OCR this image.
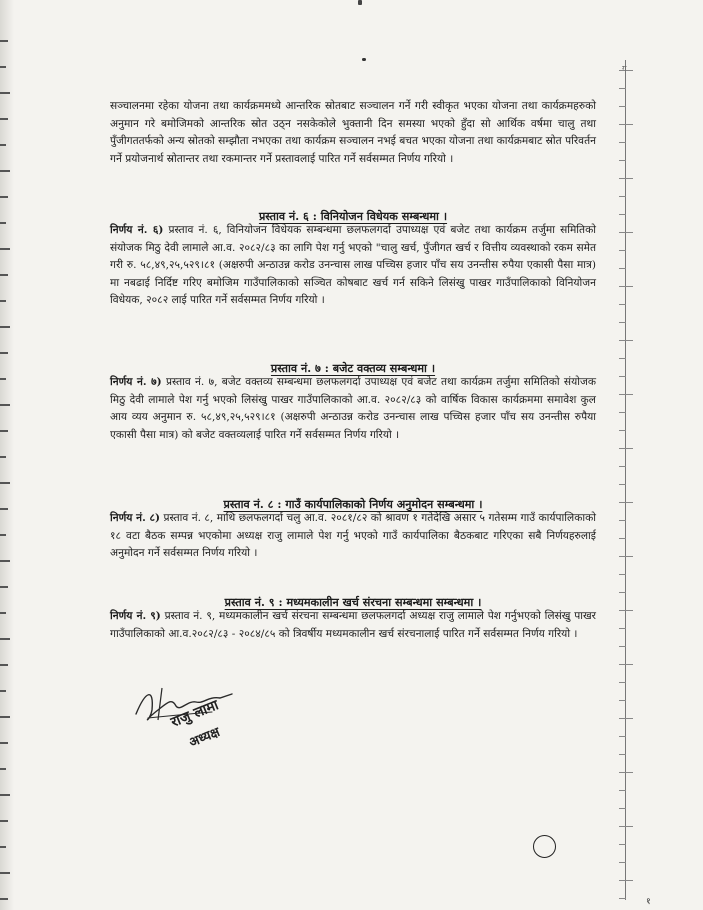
ग

सञ्चालनमा रहेका योजना तथा कार्यक्रममध्ये आन्तरिक स्रोतबाट सञ्चालन गर्ने गरी स्वीकृत भएका योजना तथा कार्यक्रमहरुको अनुमान गरे बमोजिमको आन्तरिक स्रोत उठ्न नसकेकोले भुक्तानी दिन समस्या भएको हुँदा सो आर्थिक वर्षमा चालु तथा पुँजीगततर्फको अन्य स्रोतको सम्झौता नभएका तथा कार्यक्रम सञ्चालन नभई बचत भएका योजना तथा कार्यक्रमबाट स्रोत परिवर्तन गर्ने प्रयोजनार्थ स्रोतान्तर तथा रकमान्तर गर्ने प्रस्तावलाई पारित गर्ने सर्वसम्मत निर्णय गरियो ।

प्रस्ताव नं. ६ : विनियोजन विधेयक सम्बन्धमा ।

निर्णय नं. ६) प्रस्ताव नं. ६, विनियोजन विधेयक सम्बन्धमा छलफलगर्दा उपाध्यक्ष एवं बजेट तथा कार्यक्रम तर्जुमा समितिको संयोजक मिठु देवी लामाले आ.व. २०८२/८३ का लागि पेश गर्नु भएको "चालु खर्च, पुँजीगत खर्च र वित्तीय व्यवस्थाको रकम समेत गरी रु. ५८,४९,२५,५२९।८१ (अक्षरुपी अन्ठाउन्न करोड उनन्चास लाख पच्चिस हजार पाँच सय उनन्तीस रुपैया एकासी पैसा मात्र) मा नबढाई निर्दिष्ट गरिए बमोजिम गाउँपालिकाको सञ्चित कोषबाट खर्च गर्न सकिने लिसंखु पाखर गाउँपालिकाको विनियोजन विधेयक, २०८२ लाई पारित गर्ने सर्वसम्मत निर्णय गरियो ।

प्रस्ताव नं. ७ : बजेट वक्तव्य सम्बन्धमा ।

निर्णय नं. ७) प्रस्ताव नं. ७, बजेट वक्तव्य सम्बन्धमा छलफलगर्दा उपाध्यक्ष एवं बजेट तथा कार्यक्रम तर्जुमा समितिको संयोजक मिठु देवी लामाले पेश गर्नु भएको लिसंखु पाखर गाउँपालिकाको आ.व. २०८२/८३ को वार्षिक विकास कार्यक्रममा समावेश कुल आय व्यय अनुमान रु. ५८,४९,२५,५२९।८१ (अक्षरुपी अन्ठाउन्न करोड उनन्चास लाख पच्चिस हजार पाँच सय उनन्तीस रुपैया एकासी पैसा मात्र) को बजेट वक्तव्यलाई पारित गर्ने सर्वसम्मत निर्णय गरियो ।

प्रस्ताव नं. ८ : गाउँ कार्यपालिकाको निर्णय अनुमोदन सम्बन्धमा ।

निर्णय नं. ८) प्रस्ताव नं. ८, माथि छलफलगर्दा चलु आ.व. २०८१/८२ को श्रावण १ गतेदेखि असार ५ गतेसम्म गाउँ कार्यपालिकाको १८ वटा बैठक सम्पन्न भएकोमा अध्यक्ष राजु लामाले पेश गर्नु भएको गाउँ कार्यपालिका बैठकबाट गरिएका सबै निर्णयहरुलाई अनुमोदन गर्ने सर्वसम्मत निर्णय गरियो ।

प्रस्ताव नं. ९ : मध्यमकालीन खर्च संरचना सम्बन्धमा सम्बन्धमा ।

निर्णय नं. ९) प्रस्ताव नं. ९, मध्यमकालीन खर्च संरचना सम्बन्धमा छलफलगर्दा अध्यक्ष राजु लामाले पेश गर्नुभएको लिसंखु पाखर गाउँपालिकाको आ.व.२०८२/८३ - २०८४/८५ को त्रिवर्षीय मध्यमकालीन खर्च संरचनालाई पारित गर्ने सर्वसम्मत निर्णय गरियो ।

राजु लामा
अध्यक्ष
१
